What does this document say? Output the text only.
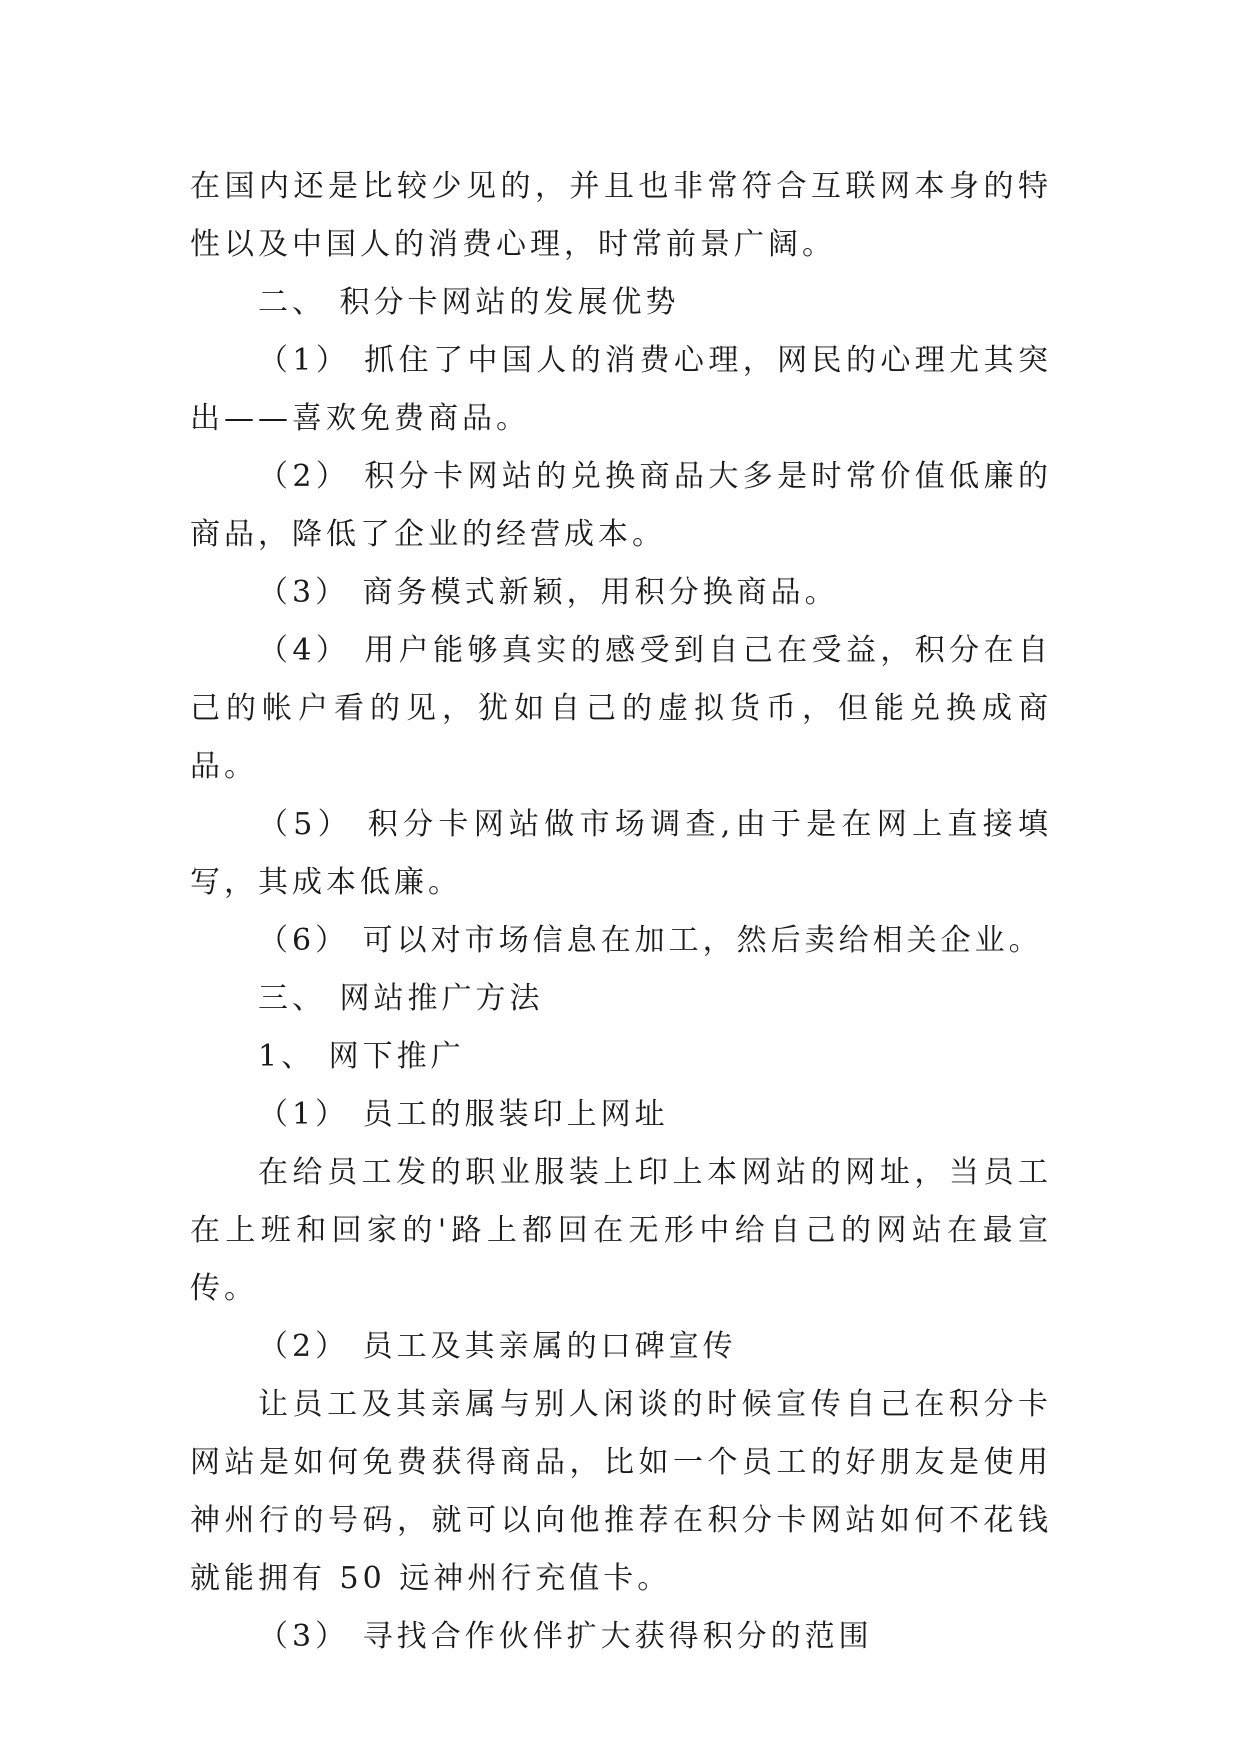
在国内还是比较少见的，并且也非常符合互联网本身的特性以及中国人的消费心理，时常前景广阔。

二、 积分卡网站的发展优势

（1） 抓住了中国人的消费心理，网民的心理尤其突出——喜欢免费商品。

（2） 积分卡网站的兑换商品大多是时常价值低廉的商品，降低了企业的经营成本。

（3） 商务模式新颖，用积分换商品。

（4） 用户能够真实的感受到自己在受益，积分在自己的帐户看的见，犹如自己的虚拟货币，但能兑换成商品。

（5） 积分卡网站做市场调查,由于是在网上直接填写，其成本低廉。

（6） 可以对市场信息在加工，然后卖给相关企业。

三、 网站推广方法

1、 网下推广

（1） 员工的服装印上网址

在给员工发的职业服装上印上本网站的网址，当员工在上班和回家的'路上都回在无形中给自己的网站在最宣传。

（2） 员工及其亲属的口碑宣传

让员工及其亲属与别人闲谈的时候宣传自己在积分卡网站是如何免费获得商品，比如一个员工的好朋友是使用神州行的号码，就可以向他推荐在积分卡网站如何不花钱就能拥有 50 远神州行充值卡。

（3） 寻找合作伙伴扩大获得积分的范围
